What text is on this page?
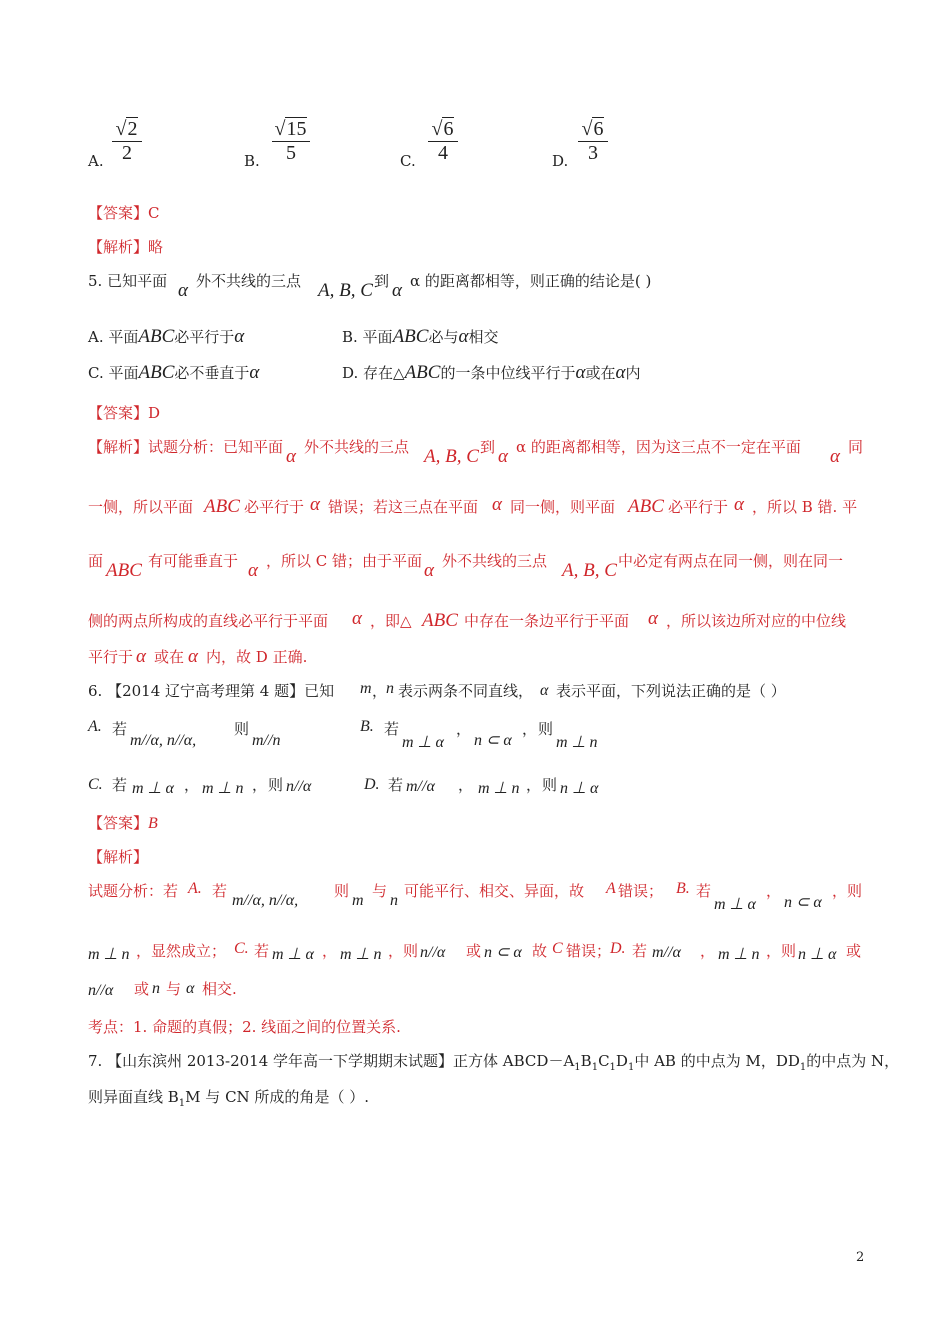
A. $\frac{√2}{2}$	B. $\frac{√15}{5}$	C. $\frac{√6}{4}$	D. $\frac{√6}{3}$
【答案】C
【解析】略
5. 已知平面 α 外不共线的三点 A, B, C 到 α α 的距离都相等，则正确的结论是( )
A. 平面ABC必平行于α	B. 平面ABC必与α相交
C. 平面ABC必不垂直于α	D. 存在△ABC的一条中位线平行于α或在α内
【答案】D
【解析】试题分析：已知平面 α 外不共线的三点 A, B, C 到 α α 的距离都相等，因为这三点不一定在平面 α 同
一侧，所以平面 ABC 必平行于 α 错误；若这三点在平面 α 同一侧，则平面 ABC 必平行于 α ，所以 B 错. 平
面 ABC 有可能垂直于 α ，所以 C 错；由于平面 α 外不共线的三点 A, B, C 中必定有两点在同一侧，则在同一
侧的两点所构成的直线必平行于平面 α ，即△ ABC 中存在一条边平行于平面 α ，所以该边所对应的中位线
平行于 α 或在 α 内，故 D 正确.
6. 【2014 辽宁高考理第 4 题】已知 m ，
n 表示两条不同直线， α 表示平面，下列说法正确的是（ ）
A. 若
m//α, n//α,
则
m//n
B. 若
m ⊥ α
，
n ⊂ α
， 则
m ⊥ n
C. 若 m ⊥ α ， m ⊥ n ， 则 n//α	D. 若 m//α ， m ⊥ n ， 则 n ⊥ α
【答案】B
【解析】
试题分析：若 A. 若
m//α, n//α,
则
m
与
n
可能平行、相交、异面，故 A 错误； B. 若
m ⊥ α
，
n ⊂ α
，则
m ⊥ n ，显然成立； C. 若 m ⊥ α ， m ⊥ n ，则 n//α 或 n ⊂ α 故 C 错误；
D. 若 m//α ， m ⊥ n ，则 n ⊥ α 或
n//α 或 n 与 α 相交.
考点：1. 命题的真假；2. 线面之间的位置关系.
7. 【山东滨州 2013-2014 学年高一下学期期末试题】正方体 $ABCD-A_1B_1C_1D_1$中 AB 的中点为 M，$DD_1$的中点为 N，
则异面直线 $B_1M$ 与 CN 所成的角是（ ）.
2
